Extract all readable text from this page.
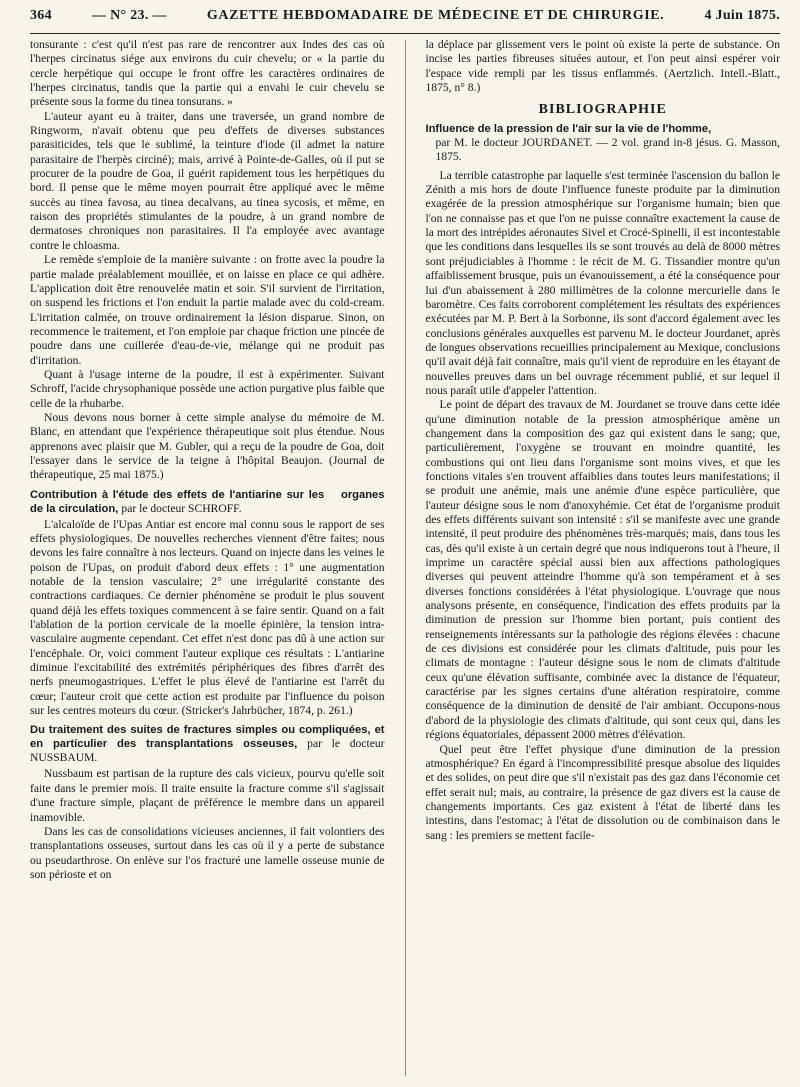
364	— N° 23. —	GAZETTE HEBDOMADAIRE DE MÉDECINE ET DE CHIRURGIE.	4 Juin 1875.

tonsurante : c'est qu'il n'est pas rare de rencontrer aux Indes des cas où l'herpes circinatus siége aux environs du cuir chevelu; or « la partie du cercle herpétique qui occupe le front offre les caractères ordinaires de l'herpes circinatus, tandis que la partie qui a envahi le cuir chevelu se présente sous la forme du tinea tonsurans. »

L'auteur ayant eu à traiter, dans une traversée, un grand nombre de Ringworm, n'avait obtenu que peu d'effets de diverses substances parasiticides, tels que le sublimé, la teinture d'iode (il admet la nature parasitaire de l'herpès circiné); mais, arrivé à Pointe-de-Galles, où il put se procurer de la poudre de Goa, il guérit rapidement tous les herpétiques du bord. Il pense que le même moyen pourrait être appliqué avec le même succès au tinea favosa, au tinea decalvans, au tinea sycosis, et même, en raison des propriétés stimulantes de la poudre, à un grand nombre de dermatoses chroniques non parasitaires. Il l'a employée avec avantage contre le chloasma.

Le remède s'emploie de la manière suivante : on frotte avec la poudre la partie malade préalablement mouillée, et on laisse en place ce qui adhère. L'application doit être renouvelée matin et soir. S'il survient de l'irritation, on suspend les frictions et l'on enduit la partie malade avec du cold-cream. L'irritation calmée, on trouve ordinairement la lésion disparue. Sinon, on recommence le traitement, et l'on emploie par chaque friction une pincée de poudre dans une cuillerée d'eau-de-vie, mélange qui ne produit pas d'irritation.

Quant à l'usage interne de la poudre, il est à expérimenter. Suivant Schroff, l'acide chrysophanique possède une action purgative plus faible que celle de la rhubarbe.

Nous devons nous borner à cette simple analyse du mémoire de M. Blanc, en attendant que l'expérience thérapeutique soit plus étendue. Nous apprenons avec plaisir que M. Gubler, qui a reçu de la poudre de Goa, doit l'essayer dans le service de la teigne à l'hôpital Beaujon. (Journal de thérapeutique, 25 mai 1875.)

Contribution à l'étude des effets de l'antiarine sur les organes de la circulation, par le docteur SCHROFF.

L'alcaloïde de l'Upas Antiar est encore mal connu sous le rapport de ses effets physiologiques. De nouvelles recherches viennent d'être faites; nous devons les faire connaître à nos lecteurs. Quand on injecte dans les veines le poison de l'Upas, on produit d'abord deux effets : 1° une augmentation notable de la tension vasculaire; 2° une irrégularité constante des contractions cardiaques. Ce dernier phénomène se produit le plus souvent quand déjà les effets toxiques commencent à se faire sentir. Quand on a fait l'ablation de la portion cervicale de la moelle épinière, la tension intra-vasculaire augmente cependant. Cet effet n'est donc pas dû à une action sur l'encéphale. Or, voici comment l'auteur explique ces résultats : L'antiarine diminue l'excitabilité des extrémités périphériques des fibres d'arrêt des nerfs pneumogastriques. L'effet le plus élevé de l'antiarine est l'arrêt du cœur; l'auteur croit que cette action est produite par l'influence du poison sur les centres moteurs du cœur. (Stricker's Jahrbücher, 1874, p. 261.)

Du traitement des suites de fractures simples ou compliquées, et en particulier des transplantations osseuses, par le docteur NUSSBAUM.

Nussbaum est partisan de la rupture des cals vicieux, pourvu qu'elle soit faite dans le premier mois. Il traite ensuite la fracture comme s'il s'agissait d'une fracture simple, plaçant de préférence le membre dans un appareil inamovible.

Dans les cas de consolidations vicieuses anciennes, il fait volontiers des transplantations osseuses, surtout dans les cas où il y a perte de substance ou pseudarthrose. On enlève sur l'os fracturé une lamelle osseuse munie de son périoste et on

la déplace par glissement vers le point où existe la perte de substance. On incise les parties fibreuses situées autour, et l'on peut ainsi espérer voir l'espace vide rempli par les tissus enflammés. (Aertzlich. Intell.-Blatt., 1875, n° 8.)

BIBLIOGRAPHIE

Influence de la pression de l'air sur la vie de l'homme,
par M. le docteur JOURDANET. — 2 vol. grand in-8 jésus. G. Masson, 1875.

La terrible catastrophe par laquelle s'est terminée l'ascension du ballon le Zénith a mis hors de doute l'influence funeste produite par la diminution exagérée de la pression atmosphérique sur l'organisme humain; bien que l'on ne connaisse pas et que l'on ne puisse connaître exactement la cause de la mort des intrépides aéronautes Sivel et Crocé-Spinelli, il est incontestable que les conditions dans lesquelles ils se sont trouvés au delà de 8000 mètres sont préjudiciables à l'homme : le récit de M. G. Tissandier montre qu'un affaiblissement brusque, puis un évanouissement, a été la conséquence pour lui d'un abaissement à 280 millimètres de la colonne mercurielle dans le baromètre. Ces faits corroborent complétement les résultats des expériences exécutées par M. P. Bert à la Sorbonne, ils sont d'accord également avec les conclusions générales auxquelles est parvenu M. le docteur Jourdanet, après de longues observations recueillies principalement au Mexique, conclusions qu'il avait déjà fait connaître, mais qu'il vient de reproduire en les étayant de nouvelles preuves dans un bel ouvrage récemment publié, et sur lequel il nous paraît utile d'appeler l'attention.

Le point de départ des travaux de M. Jourdanet se trouve dans cette idée qu'une diminution notable de la pression atmosphérique amène un changement dans la composition des gaz qui existent dans le sang; que, particulièrement, l'oxygène se trouvant en moindre quantité, les combustions qui ont lieu dans l'organisme sont moins vives, et que les fonctions vitales s'en trouvent affaiblies dans toutes leurs manifestations; il se produit une anémie, mais une anémie d'une espèce particulière, que l'auteur désigne sous le nom d'anoxyhémie. Cet état de l'organisme produit des effets différents suivant son intensité : s'il se manifeste avec une grande intensité, il peut produire des phénomènes très-marqués; mais, dans tous les cas, dès qu'il existe à un certain degré que nous indiquerons tout à l'heure, il imprime un caractère spécial aussi bien aux affections pathologiques diverses qui peuvent atteindre l'homme qu'à son tempérament et à ses diverses fonctions considérées à l'état physiologique. L'ouvrage que nous analysons présente, en conséquence, l'indication des effets produits par la diminution de pression sur l'homme bien portant, puis contient des renseignements intéressants sur la pathologie des régions élevées : chacune de ces divisions est considérée pour les climats d'altitude, puis pour les climats de montagne : l'auteur désigne sous le nom de climats d'altitude ceux qu'une élévation suffisante, combinée avec la distance de l'équateur, caractérise par les signes certains d'une altération respiratoire, comme conséquence de la diminution de densité de l'air ambiant. Occupons-nous d'abord de la physiologie des climats d'altitude, qui sont ceux qui, dans les régions équatoriales, dépassent 2000 mètres d'élévation.

Quel peut être l'effet physique d'une diminution de la pression atmosphérique? En égard à l'incompressibilité presque absolue des liquides et des solides, on peut dire que s'il n'existait pas des gaz dans l'économie cet effet serait nul; mais, au contraire, la présence de gaz divers est la cause de changements importants. Ces gaz existent à l'état de liberté dans les intestins, dans l'estomac; à l'état de dissolution ou de combinaison dans le sang : les premiers se mettent facile-
